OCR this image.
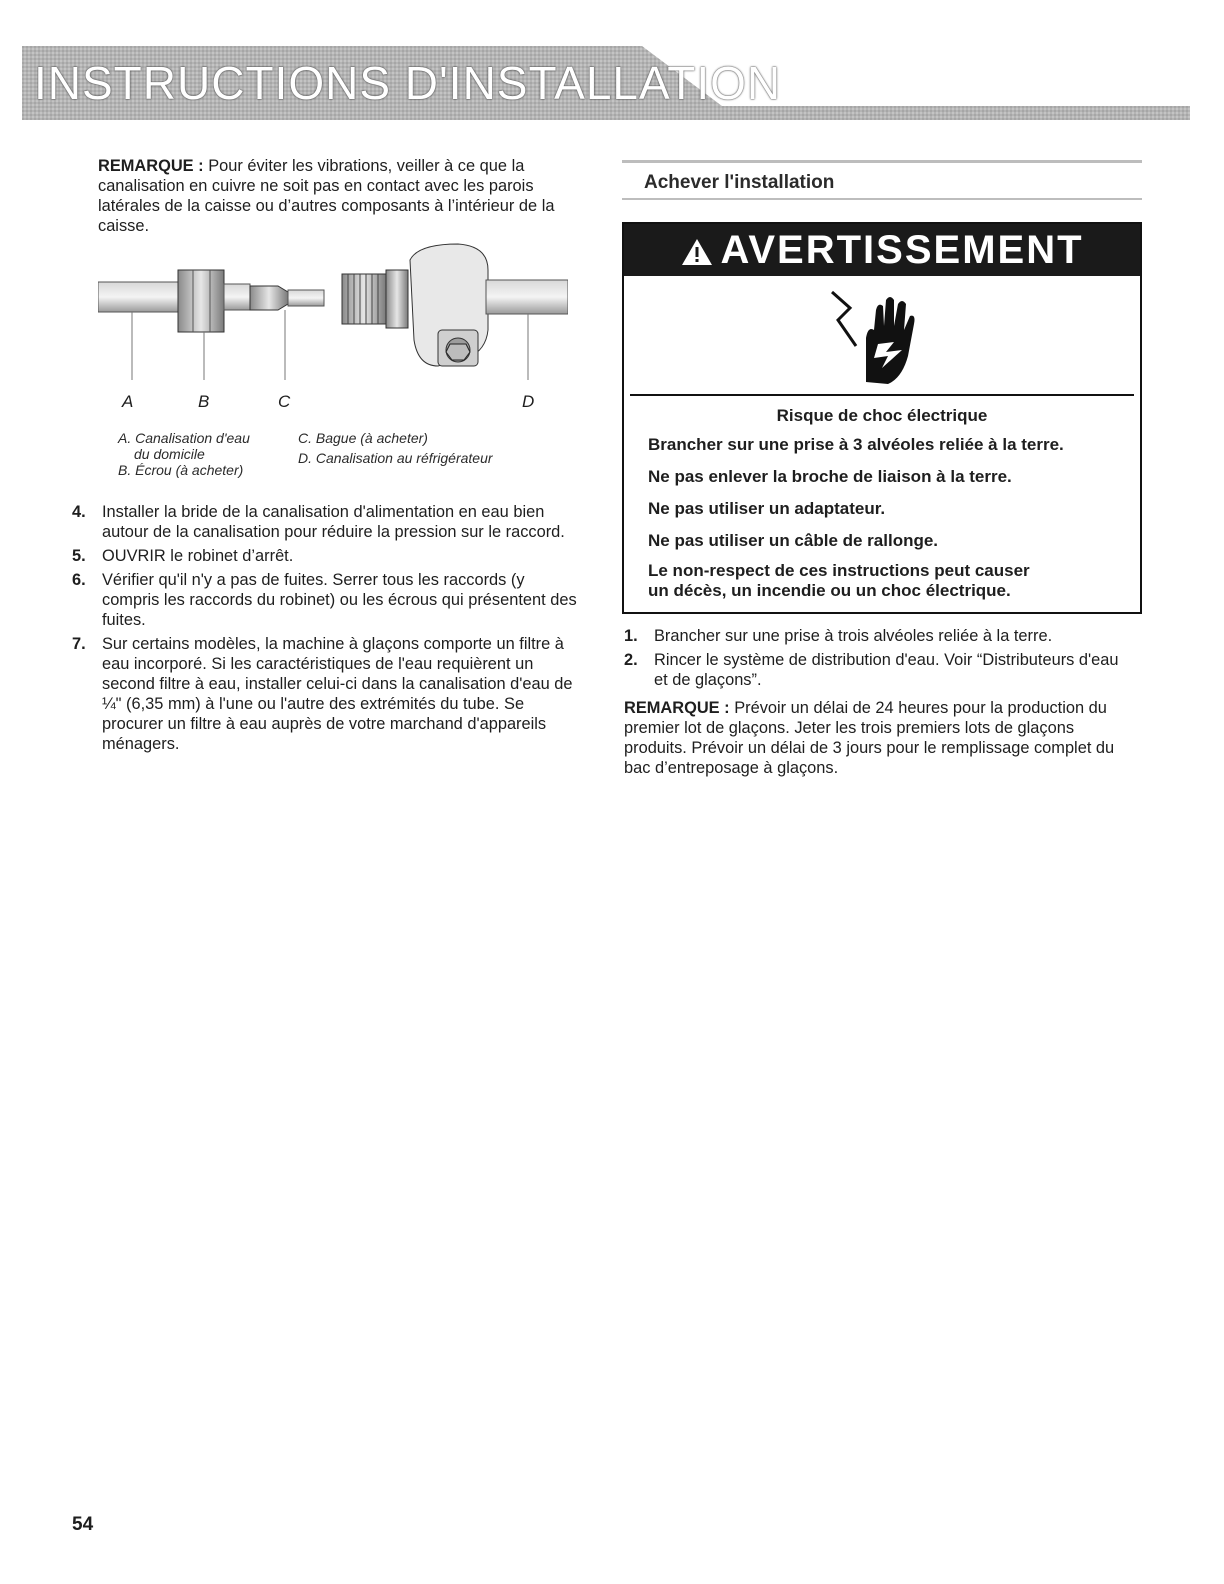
INSTRUCTIONS D'INSTALLATION
REMARQUE : Pour éviter les vibrations, veiller à ce que la canalisation en cuivre ne soit pas en contact avec les parois latérales de la caisse ou d’autres composants à l’intérieur de la caisse.
A	B	C	D
A. Canalisation d'eau
du domicile
B. Écrou (à acheter)
C. Bague (à acheter)
D. Canalisation au réfrigérateur
4. Installer la bride de la canalisation d'alimentation en eau bien autour de la canalisation pour réduire la pression sur le raccord.
5. OUVRIR le robinet d’arrêt.
6. Vérifier qu'il n'y a pas de fuites. Serrer tous les raccords (y compris les raccords du robinet) ou les écrous qui présentent des fuites.
7. Sur certains modèles, la machine à glaçons comporte un filtre à eau incorporé. Si les caractéristiques de l'eau requièrent un second filtre à eau, installer celui-ci dans la canalisation d'eau de ¼" (6,35 mm) à l'une ou l'autre des extrémités du tube. Se procurer un filtre à eau auprès de votre marchand d'appareils ménagers.
Achever l'installation
AVERTISSEMENT
Risque de choc électrique
Brancher sur une prise à 3 alvéoles reliée à la terre.
Ne pas enlever la broche de liaison à la terre.
Ne pas utiliser un adaptateur.
Ne pas utiliser un câble de rallonge.
Le non-respect de ces instructions peut causer
un décès, un incendie ou un choc électrique.
1. Brancher sur une prise à trois alvéoles reliée à la terre.
2. Rincer le système de distribution d'eau. Voir “Distributeurs d'eau et de glaçons”.
REMARQUE : Prévoir un délai de 24 heures pour la production du premier lot de glaçons. Jeter les trois premiers lots de glaçons produits. Prévoir un délai de 3 jours pour le remplissage complet du bac d’entreposage à glaçons.
54
